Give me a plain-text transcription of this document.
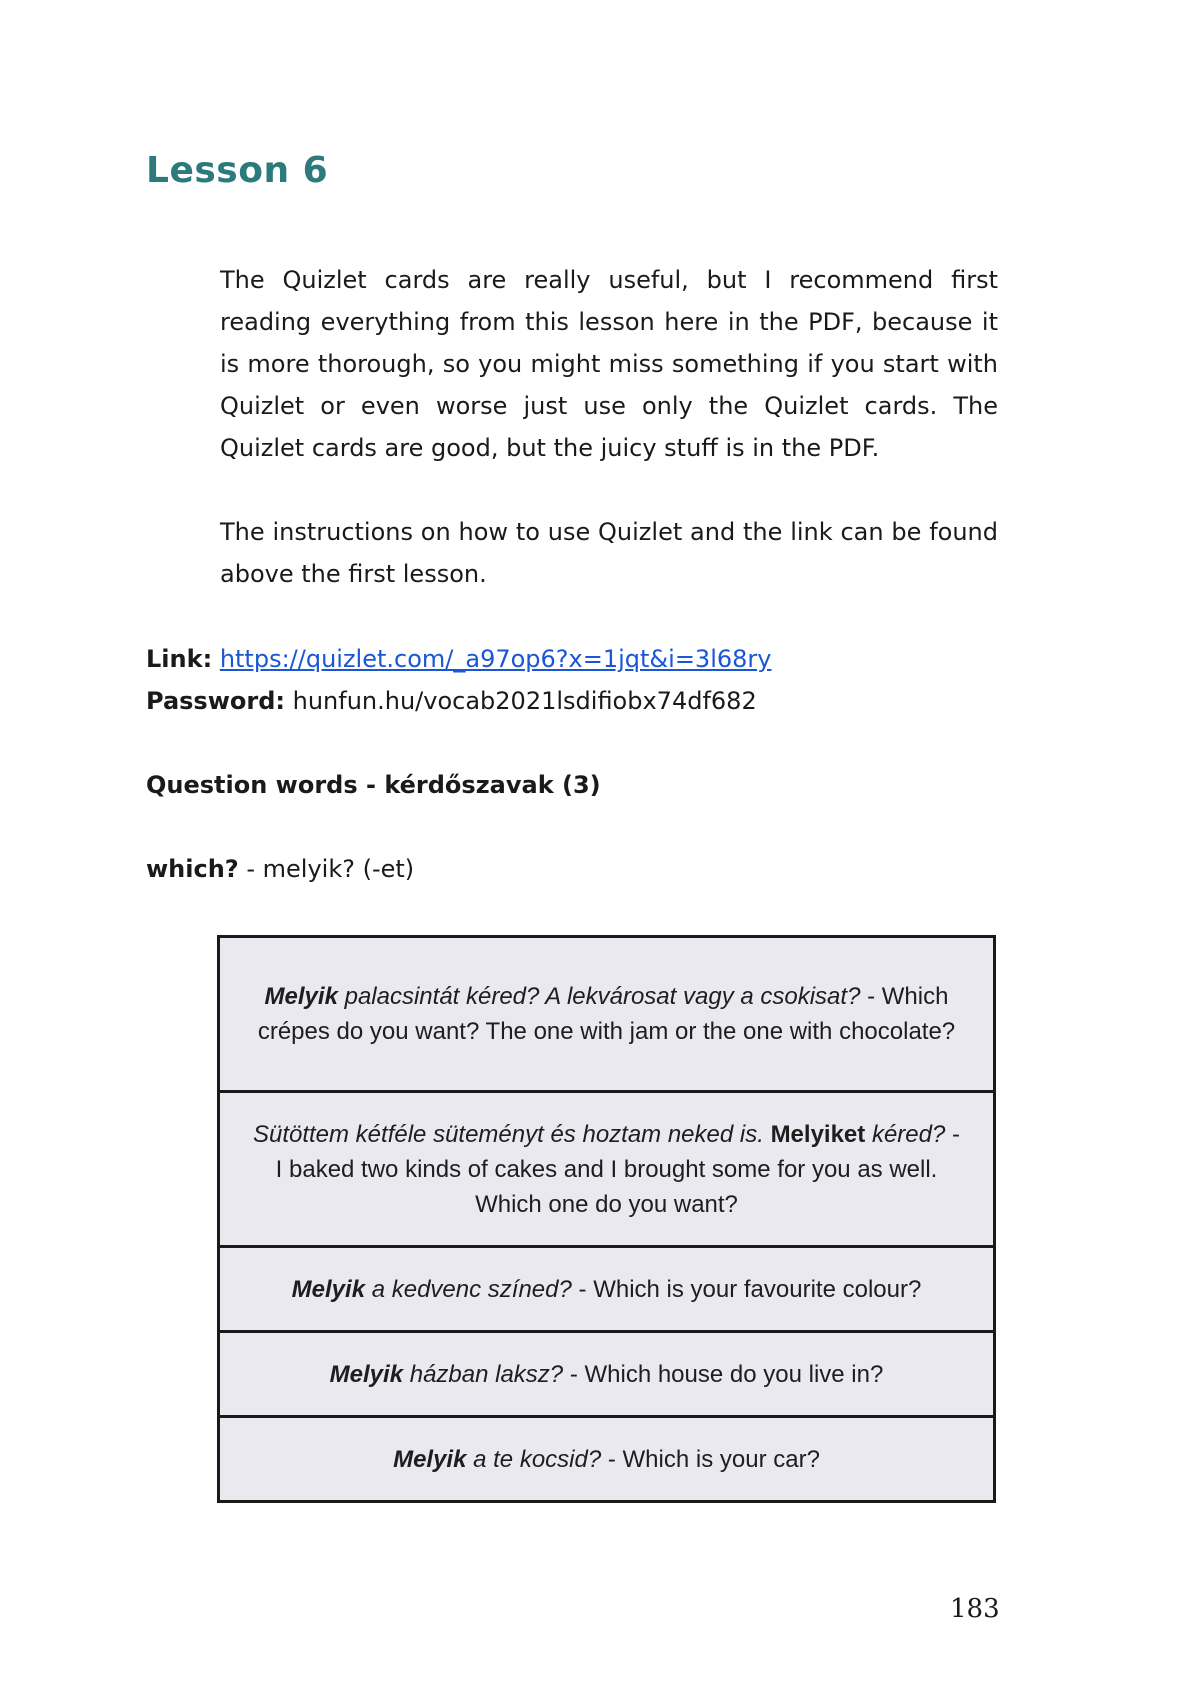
Lesson 6
The Quizlet cards are really useful, but I recommend first reading everything from this lesson here in the PDF, because it is more thorough, so you might miss something if you start with Quizlet or even worse just use only the Quizlet cards. The Quizlet cards are good, but the juicy stuff is in the PDF.
The instructions on how to use Quizlet and the link can be found above the first lesson.
Link: https://quizlet.com/_a97op6?x=1jqt&i=3l68ry
Password: hunfun.hu/vocab2021lsdifiobx74df682
Question words - kérdőszavak (3)
which? - melyik? (-et)
Melyik palacsintát kéred? A lekvárosat vagy a csokisat? - Which crépes do you want? The one with jam or the one with chocolate?
Sütöttem kétféle süteményt és hoztam neked is. Melyiket kéred? - I baked two kinds of cakes and I brought some for you as well. Which one do you want?
Melyik a kedvenc színed? - Which is your favourite colour?
Melyik házban laksz? - Which house do you live in?
Melyik a te kocsid? - Which is your car?
183
